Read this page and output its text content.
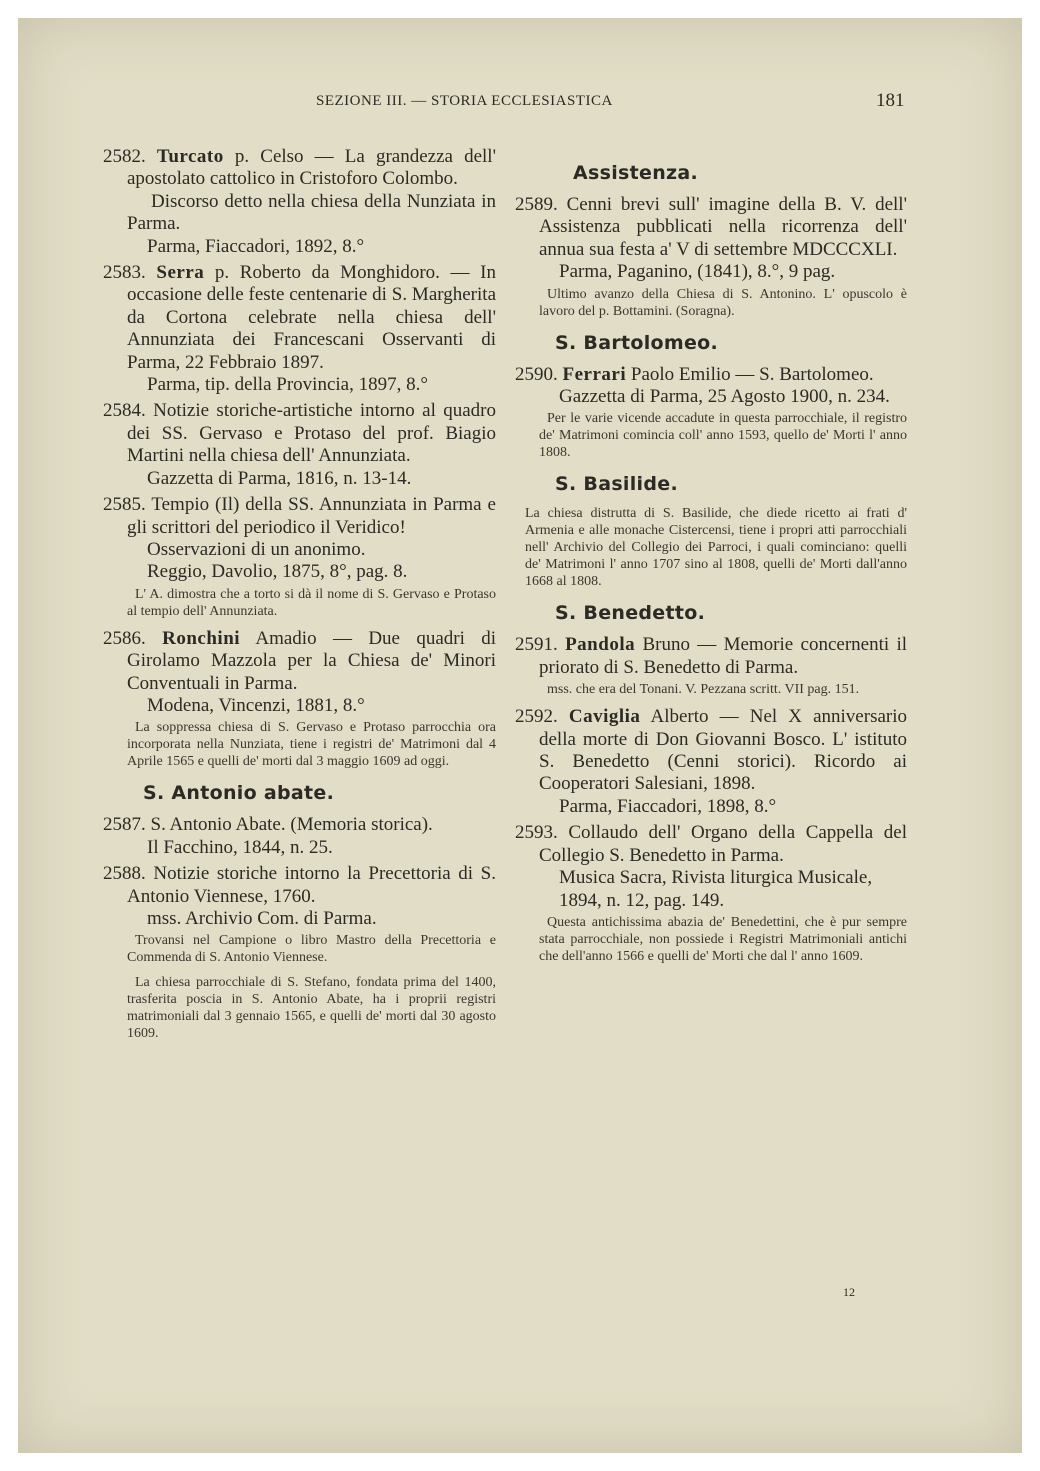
SEZIONE III. — STORIA ECCLESIASTICA	181
2582. Turcato p. Celso — La grandezza dell' apostolato cattolico in Cristoforo Colombo.
Discorso detto nella chiesa della Nunziata in Parma.
Parma, Fiaccadori, 1892, 8.°
2583. Serra p. Roberto da Monghidoro. — In occasione delle feste centenarie di S. Margherita da Cortona celebrate nella chiesa dell' Annunziata dei Francescani Osservanti di Parma, 22 Febbraio 1897.
Parma, tip. della Provincia, 1897, 8.°
2584. Notizie storiche-artistiche intorno al quadro dei SS. Gervaso e Protaso del prof. Biagio Martini nella chiesa dell' Annunziata.
Gazzetta di Parma, 1816, n. 13-14.
2585. Tempio (Il) della SS. Annunziata in Parma e gli scrittori del periodico il Veridico!
Osservazioni di un anonimo.
Reggio, Davolio, 1875, 8°, pag. 8.
L' A. dimostra che a torto si dà il nome di S. Gervaso e Protaso al tempio dell' Annunziata.
2586. Ronchini Amadio — Due quadri di Girolamo Mazzola per la Chiesa de' Minori Conventuali in Parma.
Modena, Vincenzi, 1881, 8.°
La soppressa chiesa di S. Gervaso e Protaso parrocchia ora incorporata nella Nunziata, tiene i registri de' Matrimoni dal 4 Aprile 1565 e quelli de' morti dal 3 maggio 1609 ad oggi.
S. Antonio abate.
2587. S. Antonio Abate. (Memoria storica).
Il Facchino, 1844, n. 25.
2588. Notizie storiche intorno la Precettoria di S. Antonio Viennese, 1760.
mss. Archivio Com. di Parma.
Trovansi nel Campione o libro Mastro della Precettoria e Commenda di S. Antonio Viennese.
La chiesa parrocchiale di S. Stefano, fondata prima del 1400, trasferita poscia in S. Antonio Abate, ha i proprii registri matrimoniali dal 3 gennaio 1565, e quelli de' morti dal 30 agosto 1609.
Assistenza.
2589. Cenni brevi sull' imagine della B. V. dell' Assistenza pubblicati nella ricorrenza dell' annua sua festa a' V di settembre MDCCCXLI.
Parma, Paganino, (1841), 8.°, 9 pag.
Ultimo avanzo della Chiesa di S. Antonino. L' opuscolo è lavoro del p. Bottamini. (Soragna).
S. Bartolomeo.
2590. Ferrari Paolo Emilio — S. Bartolomeo.
Gazzetta di Parma, 25 Agosto 1900, n. 234.
Per le varie vicende accadute in questa parrocchiale, il registro de' Matrimoni comincia coll' anno 1593, quello de' Morti l' anno 1808.
S. Basilide.
La chiesa distrutta di S. Basilide, che diede ricetto ai frati d' Armenia e alle monache Cistercensi, tiene i propri atti parrocchiali nell' Archivio del Collegio dei Parroci, i quali cominciano: quelli de' Matrimoni l' anno 1707 sino al 1808, quelli de' Morti dall'anno 1668 al 1808.
S. Benedetto.
2591. Pandola Bruno — Memorie concernenti il priorato di S. Benedetto di Parma.
mss. che era del Tonani. V. Pezzana scritt. VII pag. 151.
2592. Caviglia Alberto — Nel X anniversario della morte di Don Giovanni Bosco. L' istituto S. Benedetto (Cenni storici). Ricordo ai Cooperatori Salesiani, 1898.
Parma, Fiaccadori, 1898, 8.°
2593. Collaudo dell' Organo della Cappella del Collegio S. Benedetto in Parma.
Musica Sacra, Rivista liturgica Musicale, 1894, n. 12, pag. 149.
Questa antichissima abazia de' Benedettini, che è pur sempre stata parrocchiale, non possiede i Registri Matrimoniali antichi che dell'anno 1566 e quelli de' Morti che dal l' anno 1609.
12
